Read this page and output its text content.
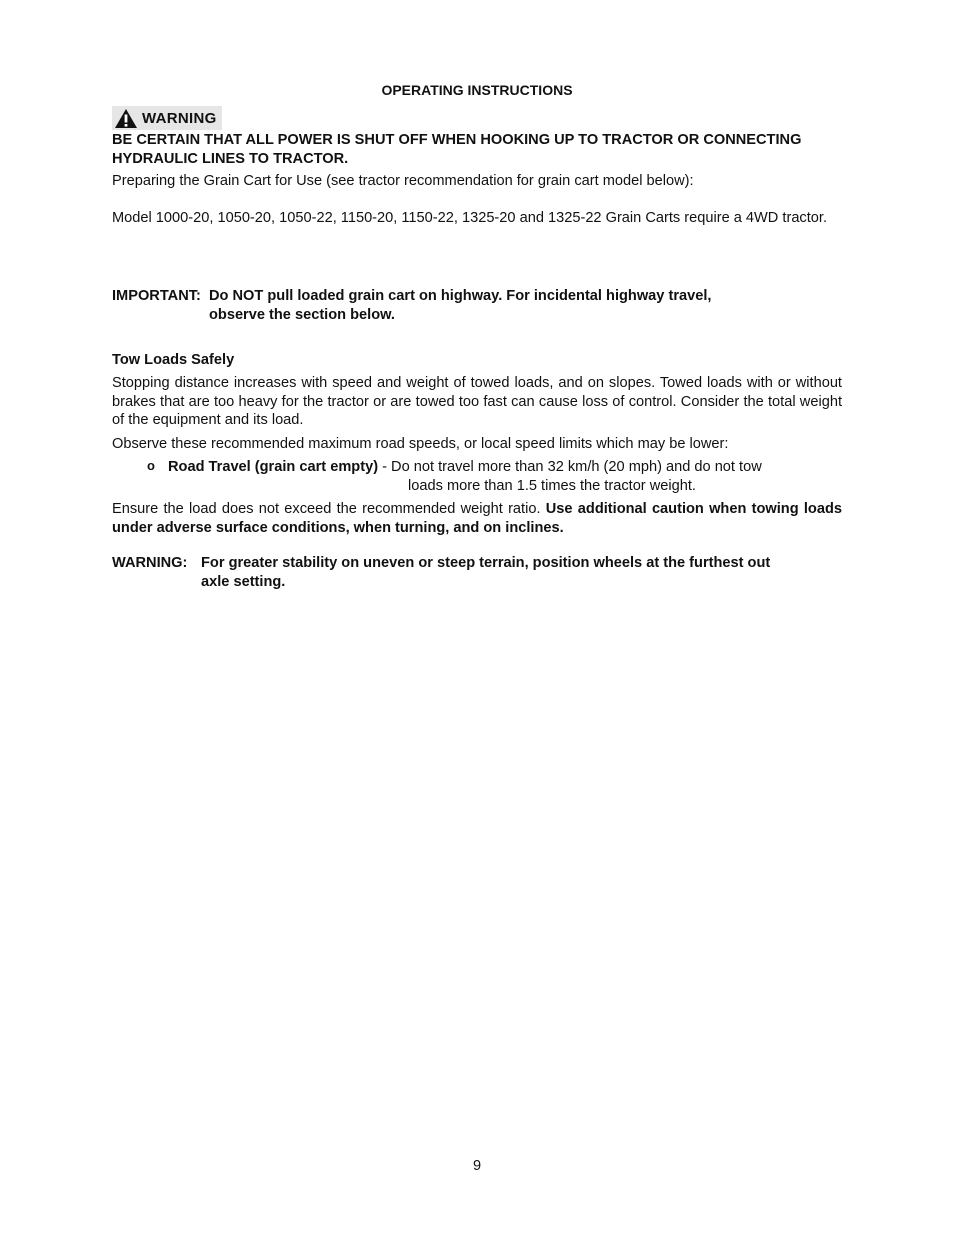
OPERATING INSTRUCTIONS
WARNING
BE CERTAIN THAT ALL POWER IS SHUT OFF WHEN HOOKING UP TO TRACTOR OR CONNECTING
HYDRAULIC LINES TO TRACTOR.
Preparing the Grain Cart for Use (see tractor recommendation for grain cart model below):
Model 1000-20, 1050-20, 1050-22, 1150-20, 1150-22, 1325-20 and 1325-22 Grain Carts require a 4WD tractor.
IMPORTANT: Do NOT pull loaded grain cart on highway. For incidental highway travel,
observe the section below.
Tow Loads Safely
Stopping distance increases with speed and weight of towed loads, and on slopes. Towed loads with or without brakes that are too heavy for the tractor or are towed too fast can cause loss of control. Consider the total weight of the equipment and its load.
Observe these recommended maximum road speeds, or local speed limits which may be lower:
o Road Travel (grain cart empty) - Do not travel more than 32 km/h (20 mph) and do not tow
loads more than 1.5 times the tractor weight.
Ensure the load does not exceed the recommended weight ratio. Use additional caution when towing loads under adverse surface conditions, when turning, and on inclines.
WARNING: For greater stability on uneven or steep terrain, position wheels at the furthest out
axle setting.
9
